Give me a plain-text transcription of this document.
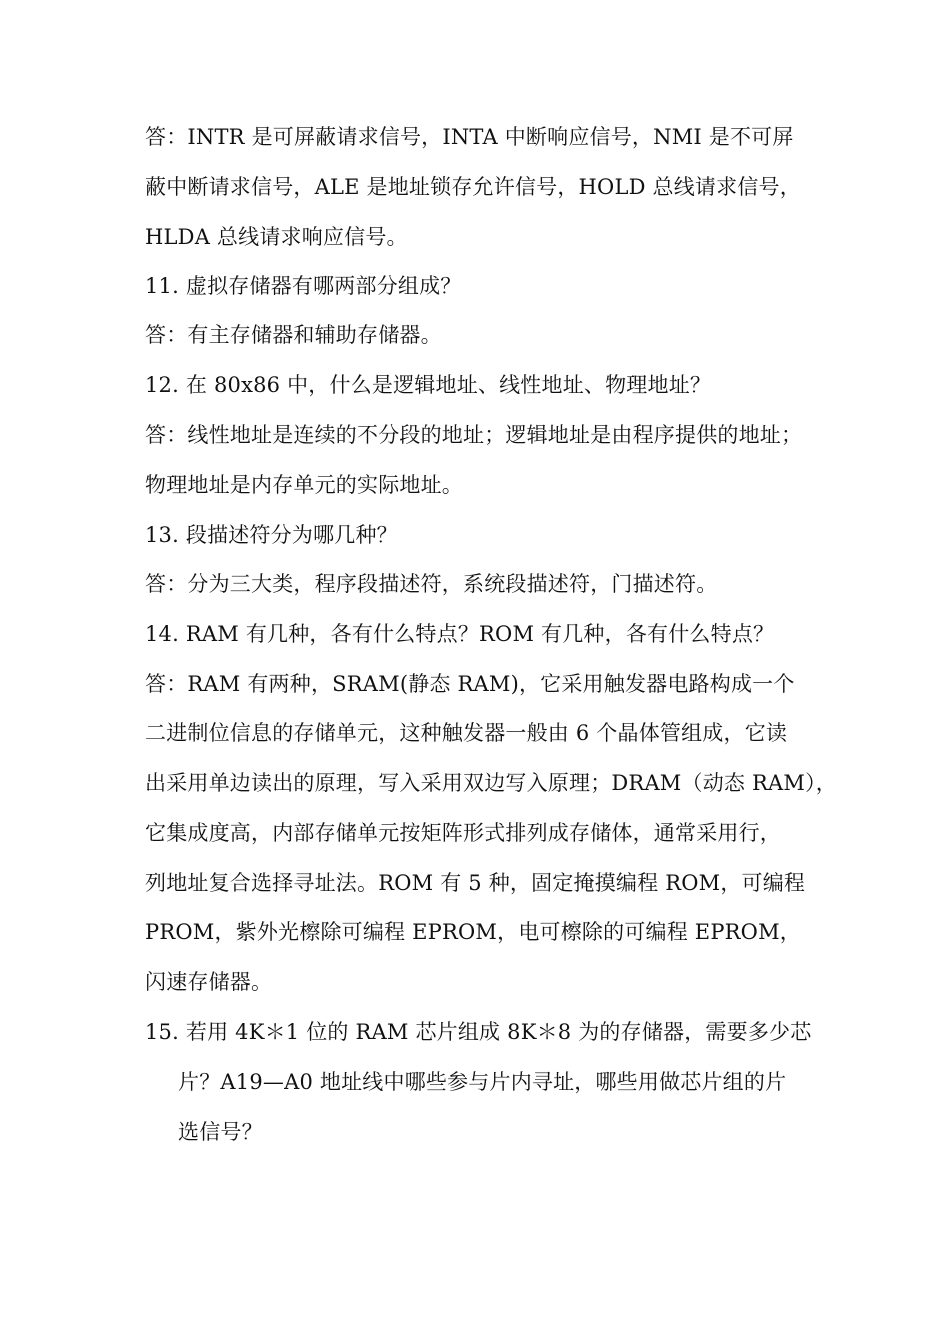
答：INTR 是可屏蔽请求信号，INTA 中断响应信号，NMI 是不可屏

蔽中断请求信号，ALE 是地址锁存允许信号，HOLD 总线请求信号，

HLDA 总线请求响应信号。

11. 虚拟存储器有哪两部分组成？

答：有主存储器和辅助存储器。

12. 在 80x86 中，什么是逻辑地址、线性地址、物理地址？

答：线性地址是连续的不分段的地址；逻辑地址是由程序提供的地址；

物理地址是内存单元的实际地址。

13. 段描述符分为哪几种？

答：分为三大类，程序段描述符，系统段描述符，门描述符。

14. RAM 有几种，各有什么特点？ROM 有几种，各有什么特点？

答：RAM 有两种，SRAM(静态 RAM)，它采用触发器电路构成一个

二进制位信息的存储单元，这种触发器一般由 6 个晶体管组成，它读

出采用单边读出的原理，写入采用双边写入原理；DRAM（动态 RAM），

它集成度高，内部存储单元按矩阵形式排列成存储体，通常采用行，

列地址复合选择寻址法。ROM 有 5 种，固定掩摸编程 ROM，可编程

PROM，紫外光檫除可编程 EPROM，电可檫除的可编程 EPROM，

闪速存储器。

15. 若用 4K＊1 位的 RAM 芯片组成 8K＊8 为的存储器，需要多少芯

片？A19—A0 地址线中哪些参与片内寻址，哪些用做芯片组的片

选信号？
